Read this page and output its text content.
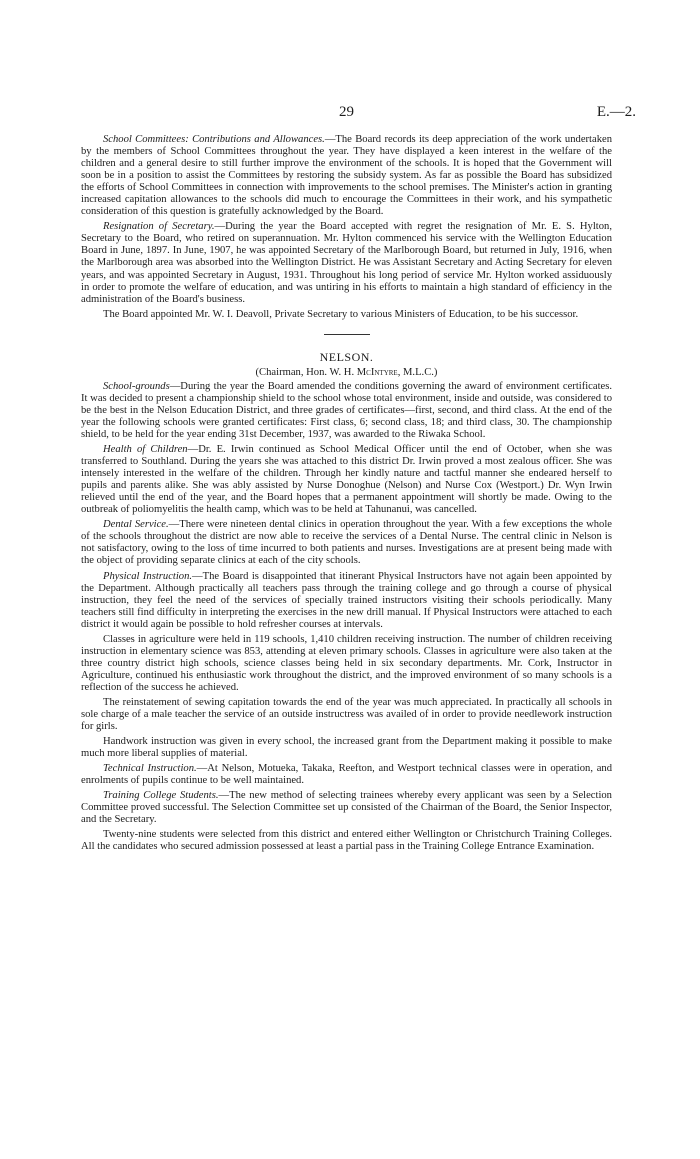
29	E.—2.

School Committees: Contributions and Allowances.—The Board records its deep appreciation of the work undertaken by the members of School Committees throughout the year. They have displayed a keen interest in the welfare of the children and a general desire to still further improve the environment of the schools. It is hoped that the Government will soon be in a position to assist the Committees by restoring the subsidy system. As far as possible the Board has subsidized the efforts of School Committees in connection with improvements to the school premises. The Minister's action in granting increased capitation allowances to the schools did much to encourage the Committees in their work, and his sympathetic consideration of this question is gratefully acknowledged by the Board.

Resignation of Secretary.—During the year the Board accepted with regret the resignation of Mr. E. S. Hylton, Secretary to the Board, who retired on superannuation. Mr. Hylton commenced his service with the Wellington Education Board in June, 1897. In June, 1907, he was appointed Secretary of the Marlborough Board, but returned in July, 1916, when the Marlborough area was absorbed into the Wellington District. He was Assistant Secretary and Acting Secretary for eleven years, and was appointed Secretary in August, 1931. Throughout his long period of service Mr. Hylton worked assiduously in order to promote the welfare of education, and was untiring in his efforts to maintain a high standard of efficiency in the administration of the Board's business.

The Board appointed Mr. W. I. Deavoll, Private Secretary to various Ministers of Education, to be his successor.

NELSON.

(Chairman, Hon. W. H. McIntyre, M.L.C.)

School-grounds—During the year the Board amended the conditions governing the award of environment certificates. It was decided to present a championship shield to the school whose total environment, inside and outside, was considered to be the best in the Nelson Education District, and three grades of certificates—first, second, and third class. At the end of the year the following schools were granted certificates: First class, 6; second class, 18; and third class, 30. The championship shield, to be held for the year ending 31st December, 1937, was awarded to the Riwaka School.

Health of Children—Dr. E. Irwin continued as School Medical Officer until the end of October, when she was transferred to Southland. During the years she was attached to this district Dr. Irwin proved a most zealous officer. She was intensely interested in the welfare of the children. Through her kindly nature and tactful manner she endeared herself to pupils and parents alike. She was ably assisted by Nurse Donoghue (Nelson) and Nurse Cox (Westport.) Dr. Wyn Irwin relieved until the end of the year, and the Board hopes that a permanent appointment will shortly be made. Owing to the outbreak of poliomyelitis the health camp, which was to be held at Tahunanui, was cancelled.

Dental Service.—There were nineteen dental clinics in operation throughout the year. With a few exceptions the whole of the schools throughout the district are now able to receive the services of a Dental Nurse. The central clinic in Nelson is not satisfactory, owing to the loss of time incurred to both patients and nurses. Investigations are at present being made with the object of providing separate clinics at each of the city schools.

Physical Instruction.—The Board is disappointed that itinerant Physical Instructors have not again been appointed by the Department. Although practically all teachers pass through the training college and go through a course of physical instruction, they feel the need of the services of specially trained instructors visiting their schools periodically. Many teachers still find difficulty in interpreting the exercises in the new drill manual. If Physical Instructors were attached to each district it would again be possible to hold refresher courses at intervals.

Classes in agriculture were held in 119 schools, 1,410 children receiving instruction. The number of children receiving instruction in elementary science was 853, attending at eleven primary schools. Classes in agriculture were also taken at the three country district high schools, science classes being held in six secondary departments. Mr. Cork, Instructor in Agriculture, continued his enthusiastic work throughout the district, and the improved environment of so many schools is a reflection of the success he achieved.

The reinstatement of sewing capitation towards the end of the year was much appreciated. In practically all schools in sole charge of a male teacher the service of an outside instructress was availed of in order to provide needlework instruction for girls.

Handwork instruction was given in every school, the increased grant from the Department making it possible to make much more liberal supplies of material.

Technical Instruction.—At Nelson, Motueka, Takaka, Reefton, and Westport technical classes were in operation, and enrolments of pupils continue to be well maintained.

Training College Students.—The new method of selecting trainees whereby every applicant was seen by a Selection Committee proved successful. The Selection Committee set up consisted of the Chairman of the Board, the Senior Inspector, and the Secretary.

Twenty-nine students were selected from this district and entered either Wellington or Christchurch Training Colleges. All the candidates who secured admission possessed at least a partial pass in the Training College Entrance Examination.
